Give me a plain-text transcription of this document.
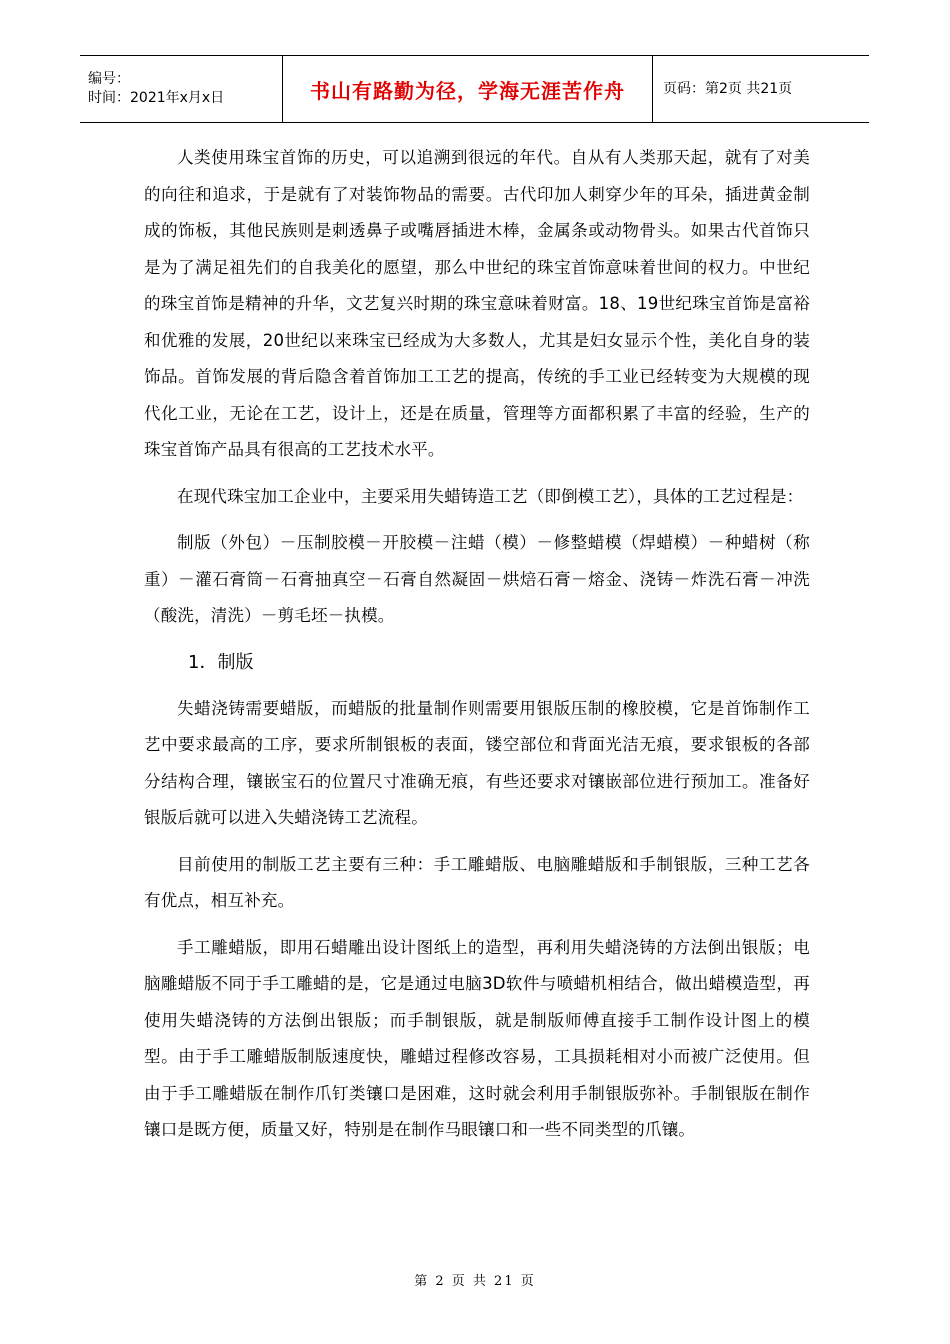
编号：
时间：2021年x月x日	书山有路勤为径，学海无涯苦作舟	页码：第2页 共21页

人类使用珠宝首饰的历史，可以追溯到很远的年代。自从有人类那天起，就有了对美的向往和追求，于是就有了对装饰物品的需要。古代印加人刺穿少年的耳朵，插进黄金制成的饰板，其他民族则是刺透鼻子或嘴唇插进木棒，金属条或动物骨头。如果古代首饰只是为了满足祖先们的自我美化的愿望，那么中世纪的珠宝首饰意味着世间的权力。中世纪的珠宝首饰是精神的升华，文艺复兴时期的珠宝意味着财富。18、19世纪珠宝首饰是富裕和优雅的发展，20世纪以来珠宝已经成为大多数人，尤其是妇女显示个性，美化自身的装饰品。首饰发展的背后隐含着首饰加工工艺的提高，传统的手工业已经转变为大规模的现代化工业，无论在工艺，设计上，还是在质量，管理等方面都积累了丰富的经验，生产的珠宝首饰产品具有很高的工艺技术水平。

在现代珠宝加工企业中，主要采用失蜡铸造工艺（即倒模工艺），具体的工艺过程是：

制版（外包）－压制胶模－开胶模－注蜡（模）－修整蜡模（焊蜡模）－种蜡树（称重）－灌石膏筒－石膏抽真空－石膏自然凝固－烘焙石膏－熔金、浇铸－炸洗石膏－冲洗（酸洗，清洗）－剪毛坯－执模。

1．制版

失蜡浇铸需要蜡版，而蜡版的批量制作则需要用银版压制的橡胶模，它是首饰制作工艺中要求最高的工序，要求所制银板的表面，镂空部位和背面光洁无痕，要求银板的各部分结构合理，镶嵌宝石的位置尺寸准确无痕，有些还要求对镶嵌部位进行预加工。准备好银版后就可以进入失蜡浇铸工艺流程。

目前使用的制版工艺主要有三种：手工雕蜡版、电脑雕蜡版和手制银版，三种工艺各有优点，相互补充。

手工雕蜡版，即用石蜡雕出设计图纸上的造型，再利用失蜡浇铸的方法倒出银版；电脑雕蜡版不同于手工雕蜡的是，它是通过电脑3D软件与喷蜡机相结合，做出蜡模造型，再使用失蜡浇铸的方法倒出银版；而手制银版，就是制版师傅直接手工制作设计图上的模型。由于手工雕蜡版制版速度快，雕蜡过程修改容易，工具损耗相对小而被广泛使用。但由于手工雕蜡版在制作爪钉类镶口是困难，这时就会利用手制银版弥补。手制银版在制作镶口是既方便，质量又好，特别是在制作马眼镶口和一些不同类型的爪镶。

第 2 页 共 21 页
